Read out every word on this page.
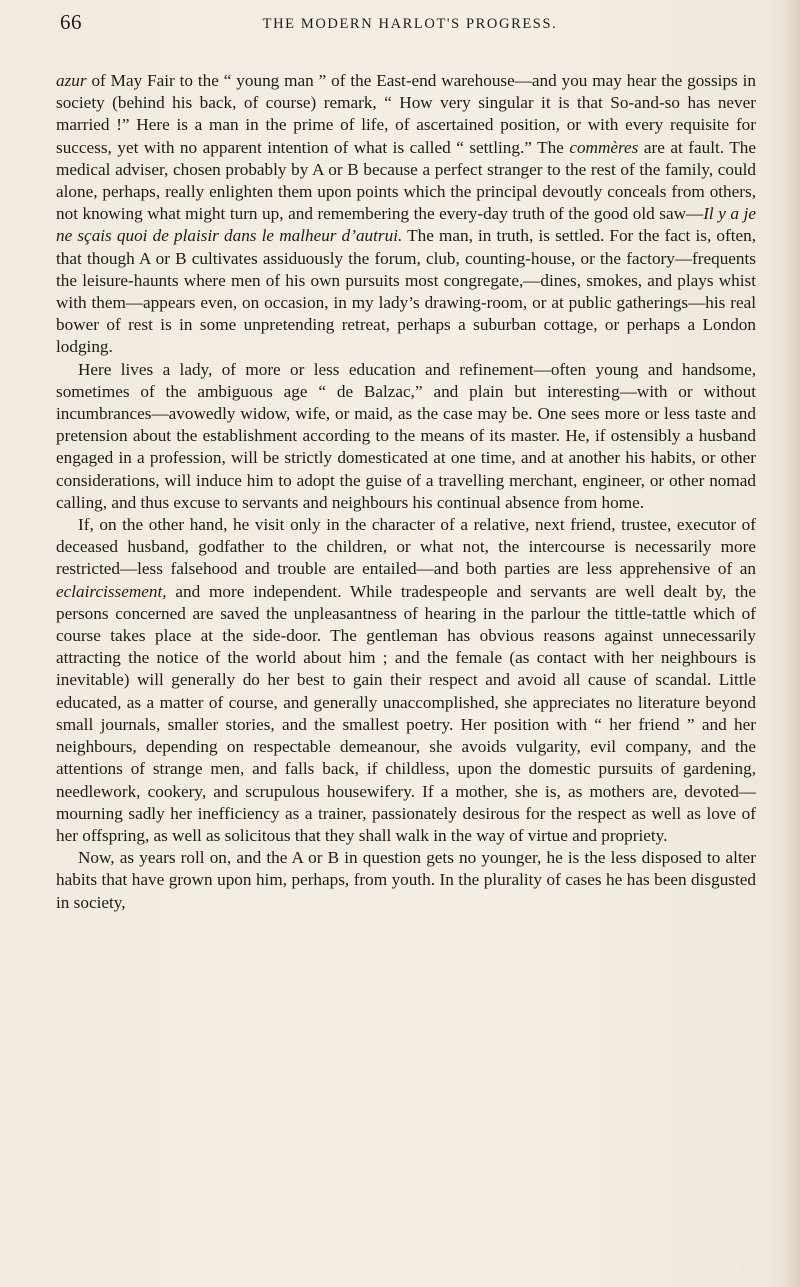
66	THE MODERN HARLOT'S PROGRESS.

azur of May Fair to the “ young man ” of the East-end warehouse—and you may hear the gossips in society (behind his back, of course) remark, “ How very singular it is that So-and-so has never married !” Here is a man in the prime of life, of ascertained position, or with every requisite for success, yet with no apparent intention of what is called “ settling.” The commères are at fault. The medical adviser, chosen probably by A or B because a perfect stranger to the rest of the family, could alone, perhaps, really enlighten them upon points which the principal devoutly conceals from others, not knowing what might turn up, and remembering the every-day truth of the good old saw—Il y a je ne sçais quoi de plaisir dans le malheur d’autrui. The man, in truth, is settled. For the fact is, often, that though A or B cultivates assiduously the forum, club, counting-house, or the factory—frequents the leisure-haunts where men of his own pursuits most congregate,—dines, smokes, and plays whist with them—appears even, on occasion, in my lady’s drawing-room, or at public gatherings—his real bower of rest is in some unpretending retreat, perhaps a suburban cottage, or perhaps a London lodging.

Here lives a lady, of more or less education and refinement—often young and handsome, sometimes of the ambiguous age “ de Balzac,” and plain but interesting—with or without incumbrances—avowedly widow, wife, or maid, as the case may be. One sees more or less taste and pretension about the establishment according to the means of its master. He, if ostensibly a husband engaged in a profession, will be strictly domesticated at one time, and at another his habits, or other considerations, will induce him to adopt the guise of a travelling merchant, engineer, or other nomad calling, and thus excuse to servants and neighbours his continual absence from home.

If, on the other hand, he visit only in the character of a relative, next friend, trustee, executor of deceased husband, godfather to the children, or what not, the intercourse is necessarily more restricted—less falsehood and trouble are entailed—and both parties are less apprehensive of an eclaircissement, and more independent. While tradespeople and servants are well dealt by, the persons concerned are saved the unpleasantness of hearing in the parlour the tittle-tattle which of course takes place at the side-door. The gentleman has obvious reasons against unnecessarily attracting the notice of the world about him ; and the female (as contact with her neighbours is inevitable) will generally do her best to gain their respect and avoid all cause of scandal. Little educated, as a matter of course, and generally unaccomplished, she appreciates no literature beyond small journals, smaller stories, and the smallest poetry. Her position with “ her friend ” and her neighbours, depending on respectable demeanour, she avoids vulgarity, evil company, and the attentions of strange men, and falls back, if childless, upon the domestic pursuits of gardening, needlework, cookery, and scrupulous housewifery. If a mother, she is, as mothers are, devoted—mourning sadly her inefficiency as a trainer, passionately desirous for the respect as well as love of her offspring, as well as solicitous that they shall walk in the way of virtue and propriety.

Now, as years roll on, and the A or B in question gets no younger, he is the less disposed to alter habits that have grown upon him, perhaps, from youth. In the plurality of cases he has been disgusted in society,
